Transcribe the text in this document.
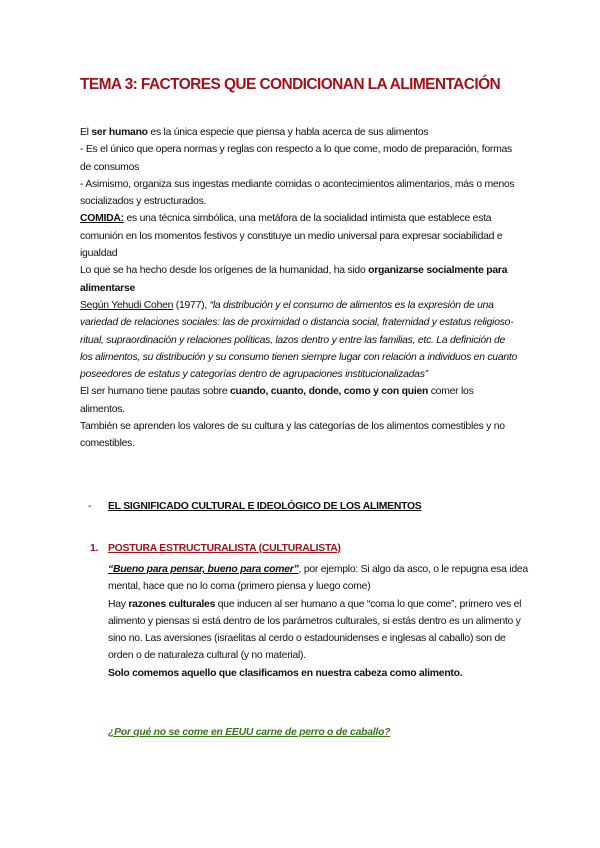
TEMA 3: FACTORES QUE CONDICIONAN LA ALIMENTACIÓN

El ser humano es la única especie que piensa y habla acerca de sus alimentos

- Es el único que opera normas y reglas con respecto a lo que come, modo de preparación, formas de consumos

- Asimismo, organiza sus ingestas mediante comidas o acontecimientos alimentarios, más o menos socializados y estructurados.

COMIDA: es una técnica simbólica, una metáfora de la socialidad intimista que establece esta comunión en los momentos festivos y constituye un medio universal para expresar sociabilidad e igualdad

Lo que se ha hecho desde los orígenes de la humanidad, ha sido organizarse socialmente para alimentarse

Según Yehudi Cohen (1977), “la distribución y el consumo de alimentos es la expresión de una variedad de relaciones sociales: las de proximidad o distancia social, fraternidad y estatus religioso-ritual, supraordinación y relaciones políticas, lazos dentro y entre las familias, etc. La definición de los alimentos, su distribución y su consumo tienen siempre lugar con relación a individuos en cuanto poseedores de estatus y categorías dentro de agrupaciones institucionalizadas”

El ser humano tiene pautas sobre cuando, cuanto, donde, como y con quien comer los alimentos.

También se aprenden los valores de su cultura y las categorías de los alimentos comestibles y no comestibles.

- EL SIGNIFICADO CULTURAL E IDEOLÓGICO DE LOS ALIMENTOS
1. POSTURA ESTRUCTURALISTA (CULTURALISTA)

“Bueno para pensar, bueno para comer”, por ejemplo: Si algo da asco, o le repugna esa idea mental, hace que no lo coma (primero piensa y luego come)

Hay razones culturales que inducen al ser humano a que “coma lo que come”, primero ves el alimento y piensas si está dentro de los parámetros culturales, si estás dentro es un alimento y sino no. Las aversiones (israelitas al cerdo o estadounidenses e inglesas al caballo) son de orden o de naturaleza cultural (y no material).

Solo comemos aquello que clasificamos en nuestra cabeza como alimento.

¿Por qué no se come en EEUU carne de perro o de caballo?
